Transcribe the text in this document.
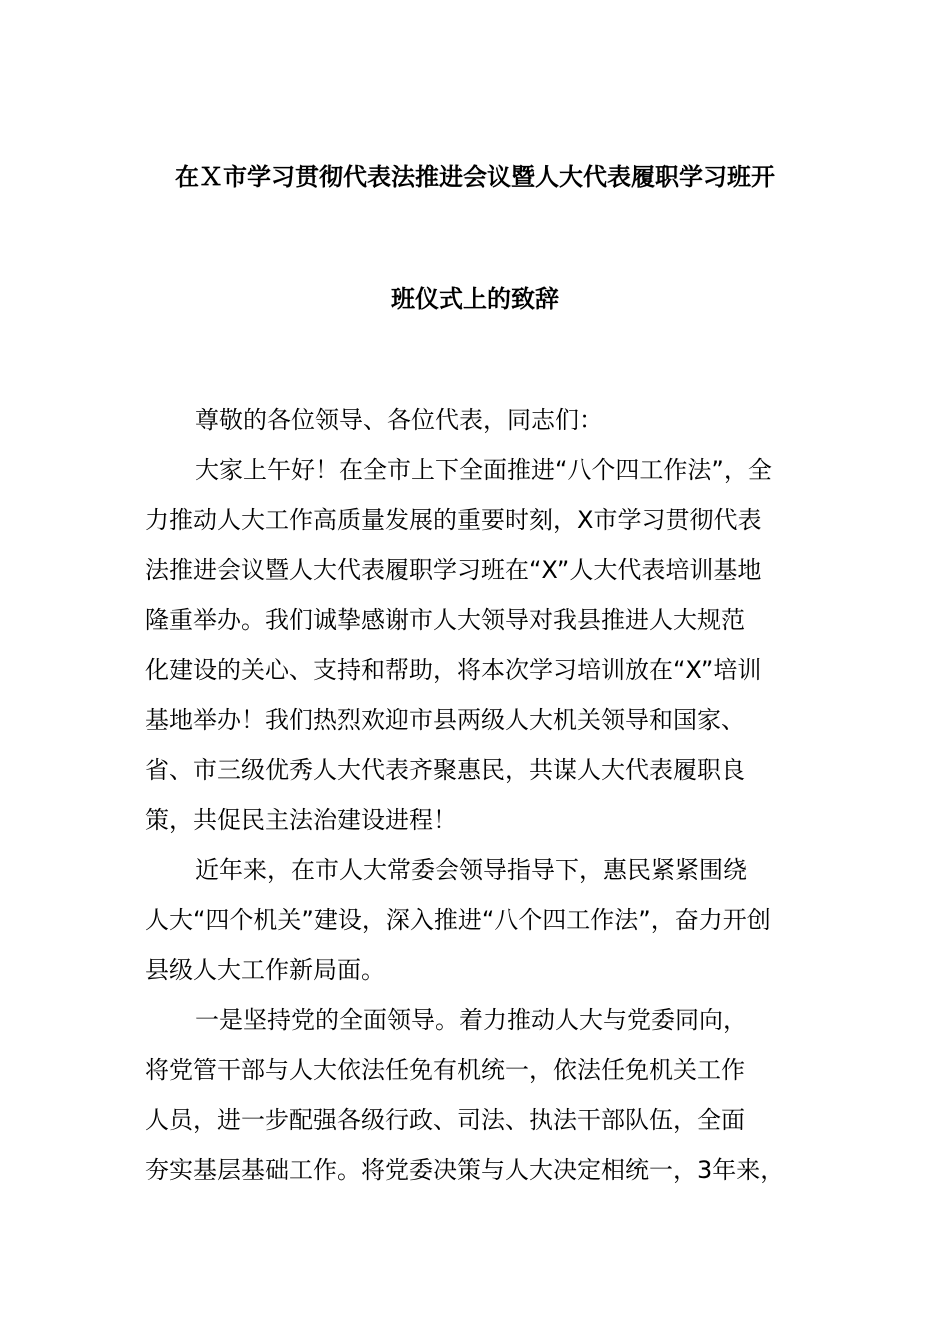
在Ｘ市学习贯彻代表法推进会议暨人大代表履职学习班开
班仪式上的致辞
尊敬的各位领导、各位代表，同志们：
大家上午好！在全市上下全面推进“八个四工作法”，全
力推动人大工作高质量发展的重要时刻，X市学习贯彻代表
法推进会议暨人大代表履职学习班在“X”人大代表培训基地
隆重举办。我们诚挚感谢市人大领导对我县推进人大规范
化建设的关心、支持和帮助，将本次学习培训放在“X”培训
基地举办！我们热烈欢迎市县两级人大机关领导和国家、
省、市三级优秀人大代表齐聚惠民，共谋人大代表履职良
策，共促民主法治建设进程！
近年来，在市人大常委会领导指导下，惠民紧紧围绕
人大“四个机关”建设，深入推进“八个四工作法”，奋力开创
县级人大工作新局面。
一是坚持党的全面领导。着力推动人大与党委同向，
将党管干部与人大依法任免有机统一，依法任免机关工作
人员，进一步配强各级行政、司法、执法干部队伍，全面
夯实基层基础工作。将党委决策与人大决定相统一，3年来，
